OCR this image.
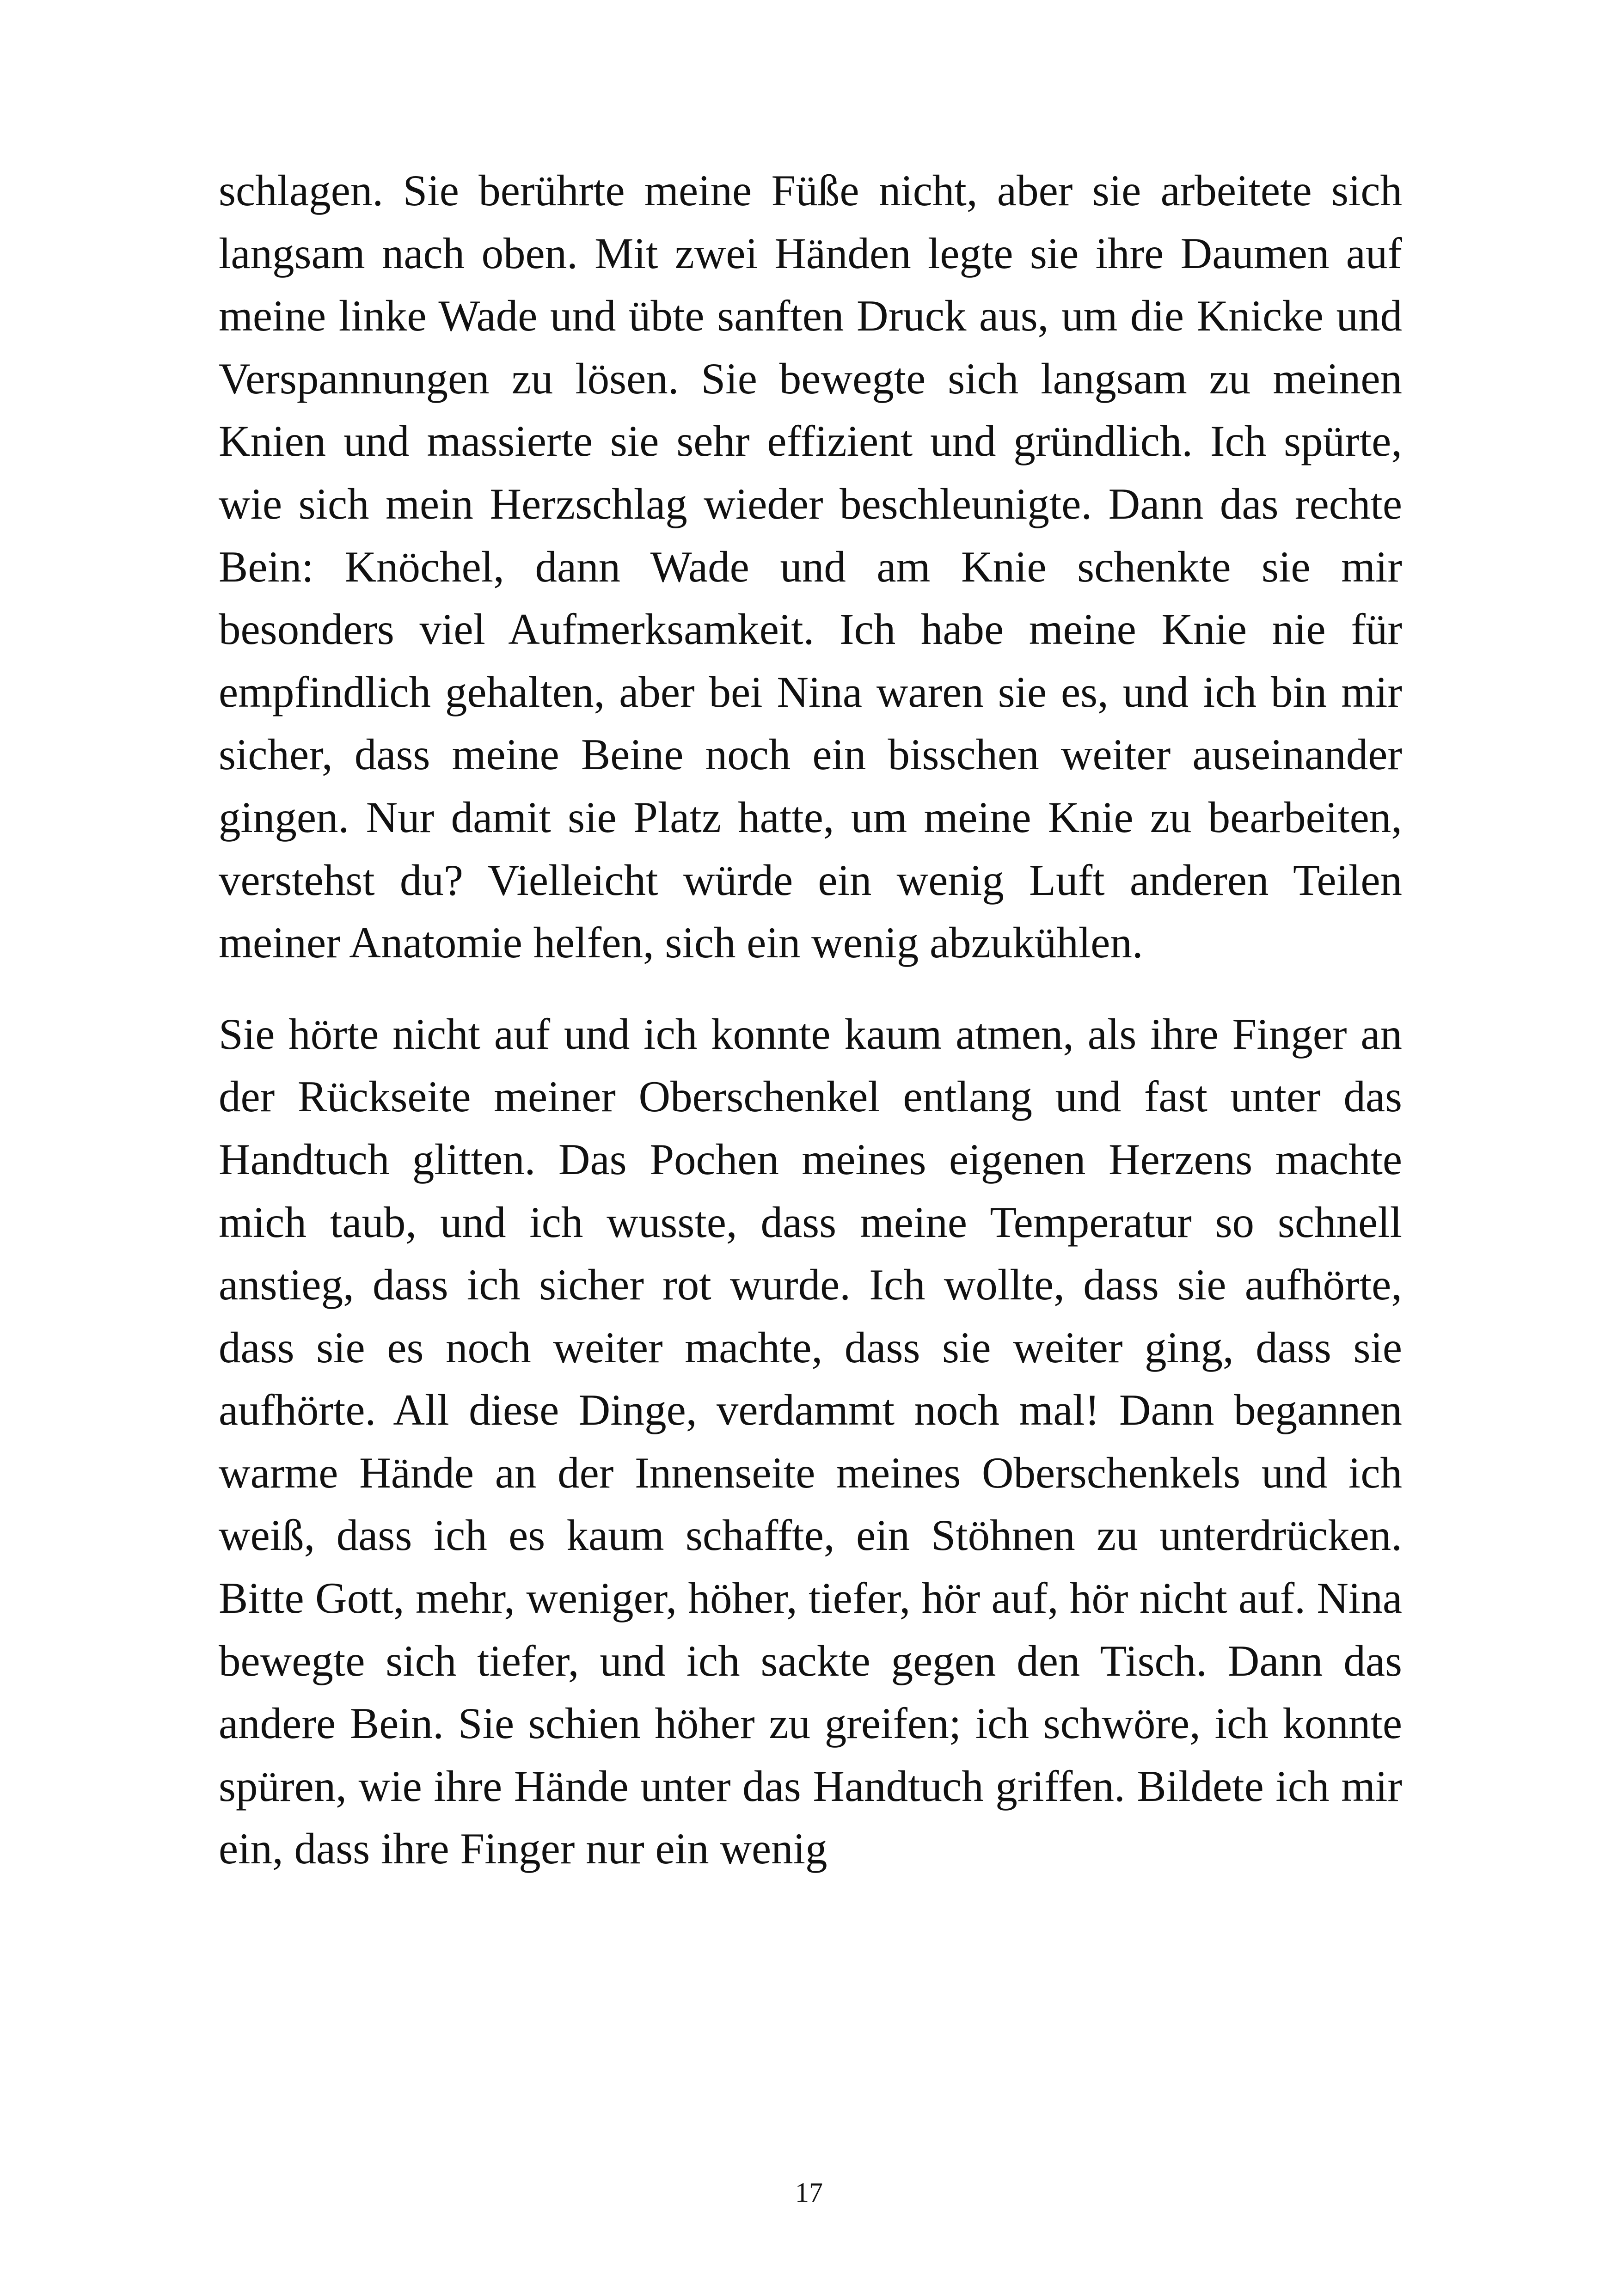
schlagen. Sie berührte meine Füße nicht, aber sie arbeitete sich langsam nach oben. Mit zwei Händen legte sie ihre Daumen auf meine linke Wade und übte sanften Druck aus, um die Knicke und Verspannungen zu lösen. Sie bewegte sich langsam zu meinen Knien und massierte sie sehr effizient und gründlich. Ich spürte, wie sich mein Herzschlag wieder beschleunigte. Dann das rechte Bein: Knöchel, dann Wade und am Knie schenkte sie mir besonders viel Aufmerksamkeit. Ich habe meine Knie nie für empfindlich gehalten, aber bei Nina waren sie es, und ich bin mir sicher, dass meine Beine noch ein bisschen weiter auseinander gingen. Nur damit sie Platz hatte, um meine Knie zu bearbeiten, verstehst du? Vielleicht würde ein wenig Luft anderen Teilen meiner Anatomie helfen, sich ein wenig abzukühlen.

Sie hörte nicht auf und ich konnte kaum atmen, als ihre Finger an der Rückseite meiner Oberschenkel entlang und fast unter das Handtuch glitten. Das Pochen meines eigenen Herzens machte mich taub, und ich wusste, dass meine Temperatur so schnell anstieg, dass ich sicher rot wurde. Ich wollte, dass sie aufhörte, dass sie es noch weiter machte, dass sie weiter ging, dass sie aufhörte. All diese Dinge, verdammt noch mal! Dann begannen warme Hände an der Innenseite meines Oberschenkels und ich weiß, dass ich es kaum schaffte, ein Stöhnen zu unterdrücken. Bitte Gott, mehr, weniger, höher, tiefer, hör auf, hör nicht auf. Nina bewegte sich tiefer, und ich sackte gegen den Tisch. Dann das andere Bein. Sie schien höher zu greifen; ich schwöre, ich konnte spüren, wie ihre Hände unter das Handtuch griffen. Bildete ich mir ein, dass ihre Finger nur ein wenig

17
